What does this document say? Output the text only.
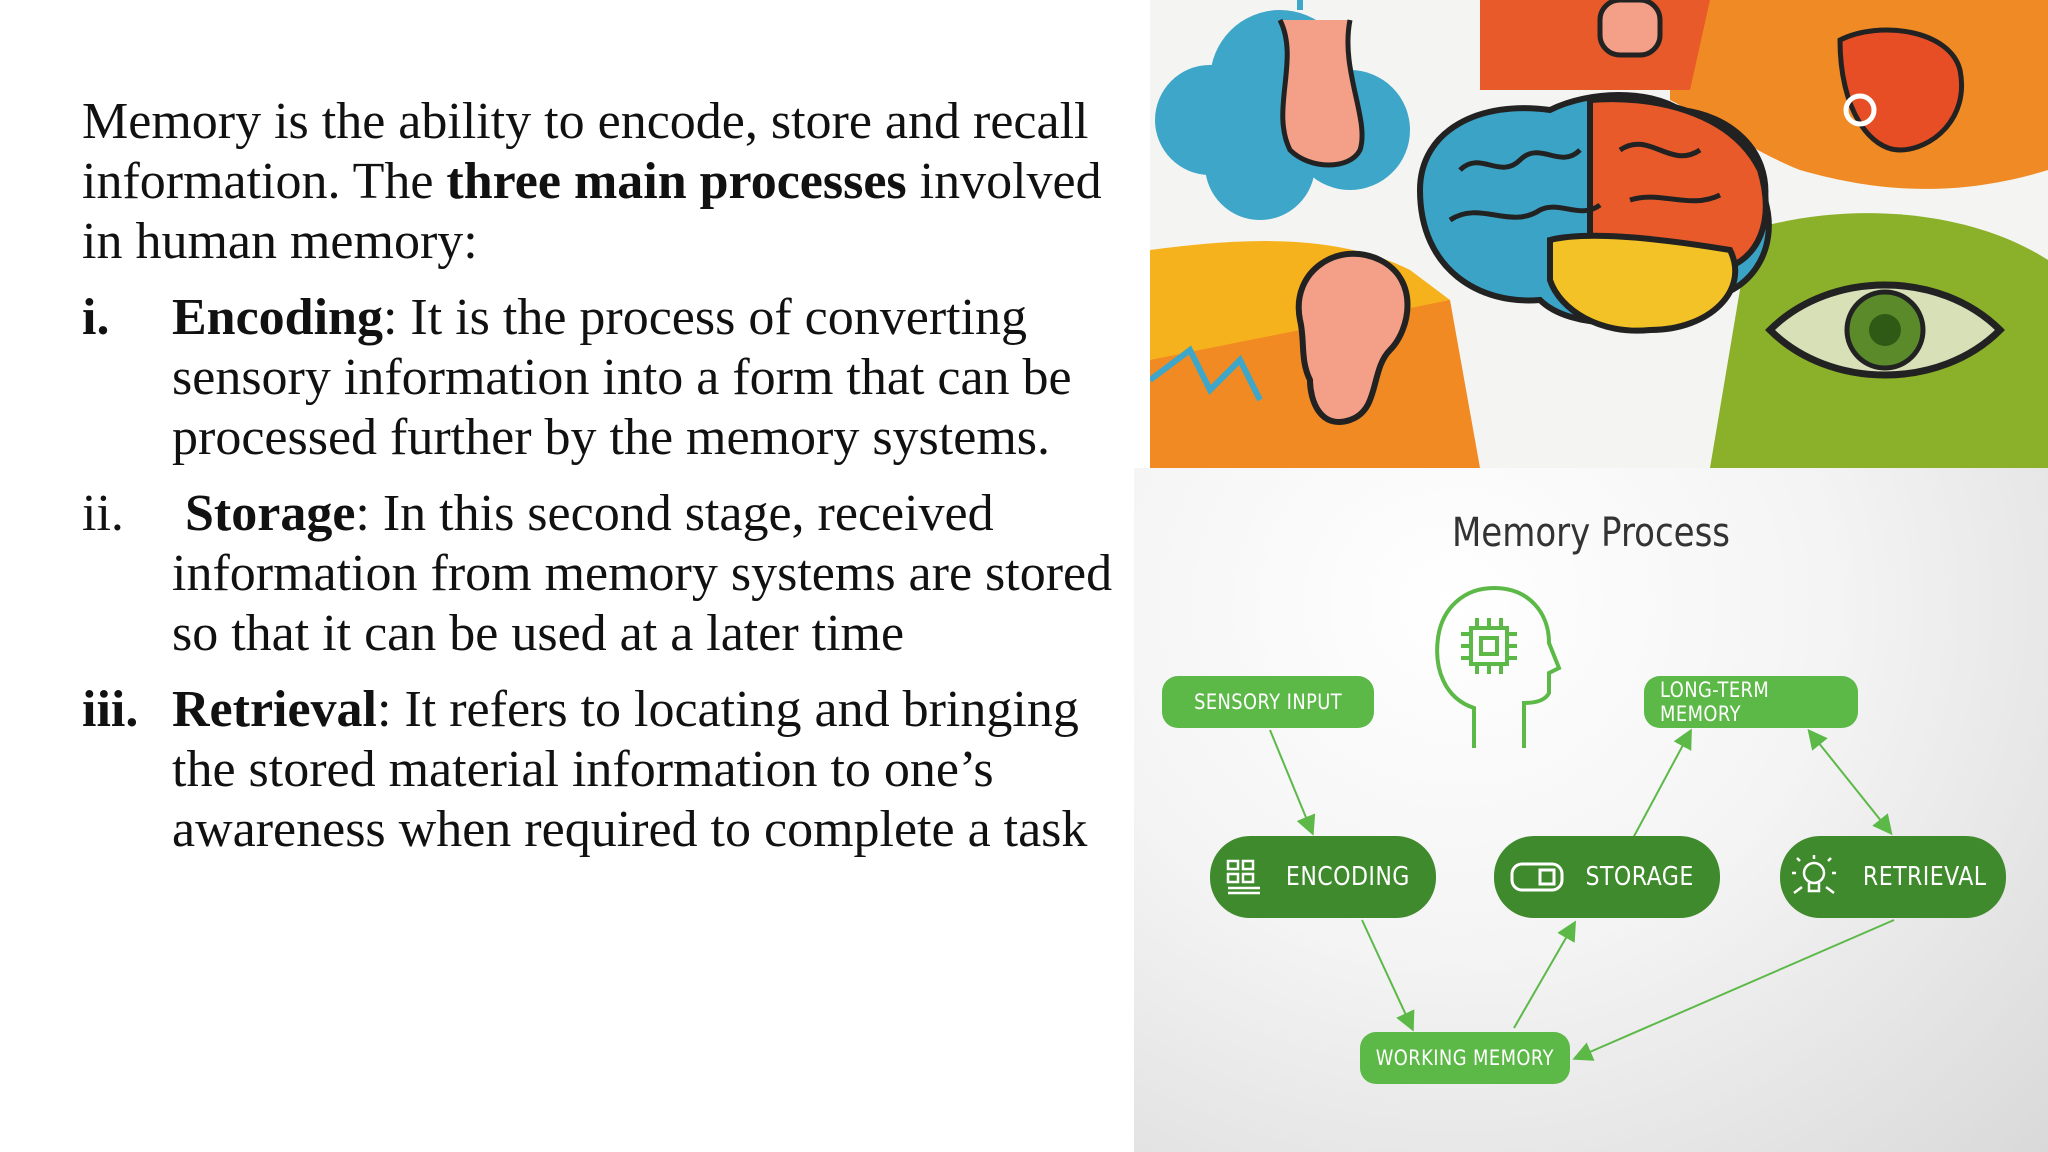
Memory is the ability to encode, store and recall information. The three main processes involved in human memory:

i.	Encoding: It is the process of converting sensory information into a form that can be processed further by the memory systems.
ii.	Storage: In this second stage, received information from memory systems are stored so that it can be used at a later time
iii. Retrieval: It refers to locating and bringing the stored material information to one’s awareness when required to complete a task
Memory Process
SENSORY INPUT	LONG-TERM MEMORY
ENCODING	STORAGE	RETRIEVAL
WORKING MEMORY
